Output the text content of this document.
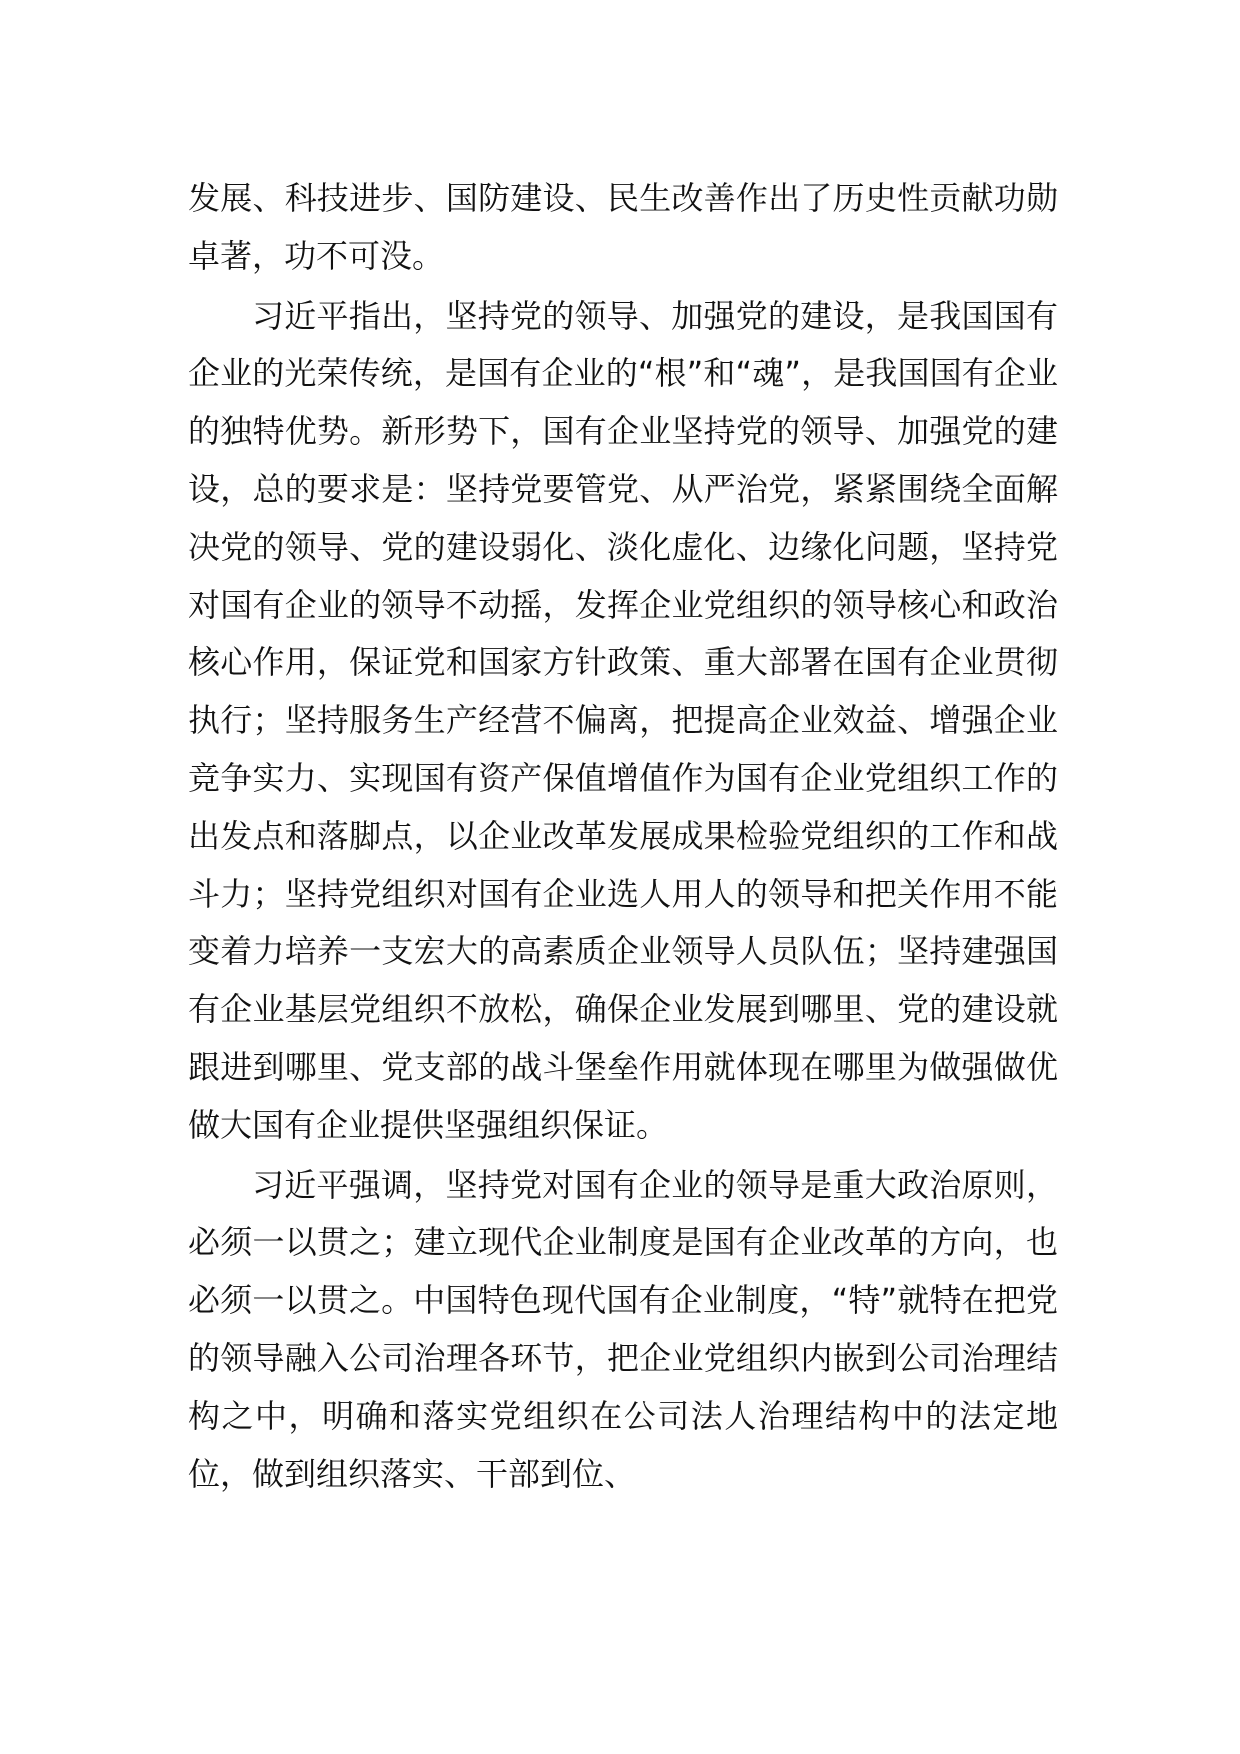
发展、科技进步、国防建设、民生改善作出了历史性贡献功勋卓著，功不可没。

习近平指出，坚持党的领导、加强党的建设，是我国国有企业的光荣传统，是国有企业的“根”和“魂”，是我国国有企业的独特优势。新形势下，国有企业坚持党的领导、加强党的建设，总的要求是：坚持党要管党、从严治党，紧紧围绕全面解决党的领导、党的建设弱化、淡化虚化、边缘化问题，坚持党对国有企业的领导不动摇，发挥企业党组织的领导核心和政治核心作用，保证党和国家方针政策、重大部署在国有企业贯彻执行；坚持服务生产经营不偏离，把提高企业效益、增强企业竞争实力、实现国有资产保值增值作为国有企业党组织工作的出发点和落脚点，以企业改革发展成果检验党组织的工作和战斗力；坚持党组织对国有企业选人用人的领导和把关作用不能变着力培养一支宏大的高素质企业领导人员队伍；坚持建强国有企业基层党组织不放松，确保企业发展到哪里、党的建设就跟进到哪里、党支部的战斗堡垒作用就体现在哪里为做强做优做大国有企业提供坚强组织保证。

习近平强调，坚持党对国有企业的领导是重大政治原则，必须一以贯之；建立现代企业制度是国有企业改革的方向，也必须一以贯之。中国特色现代国有企业制度，“特”就特在把党的领导融入公司治理各环节，把企业党组织内嵌到公司治理结构之中，明确和落实党组织在公司法人治理结构中的法定地位，做到组织落实、干部到位、
